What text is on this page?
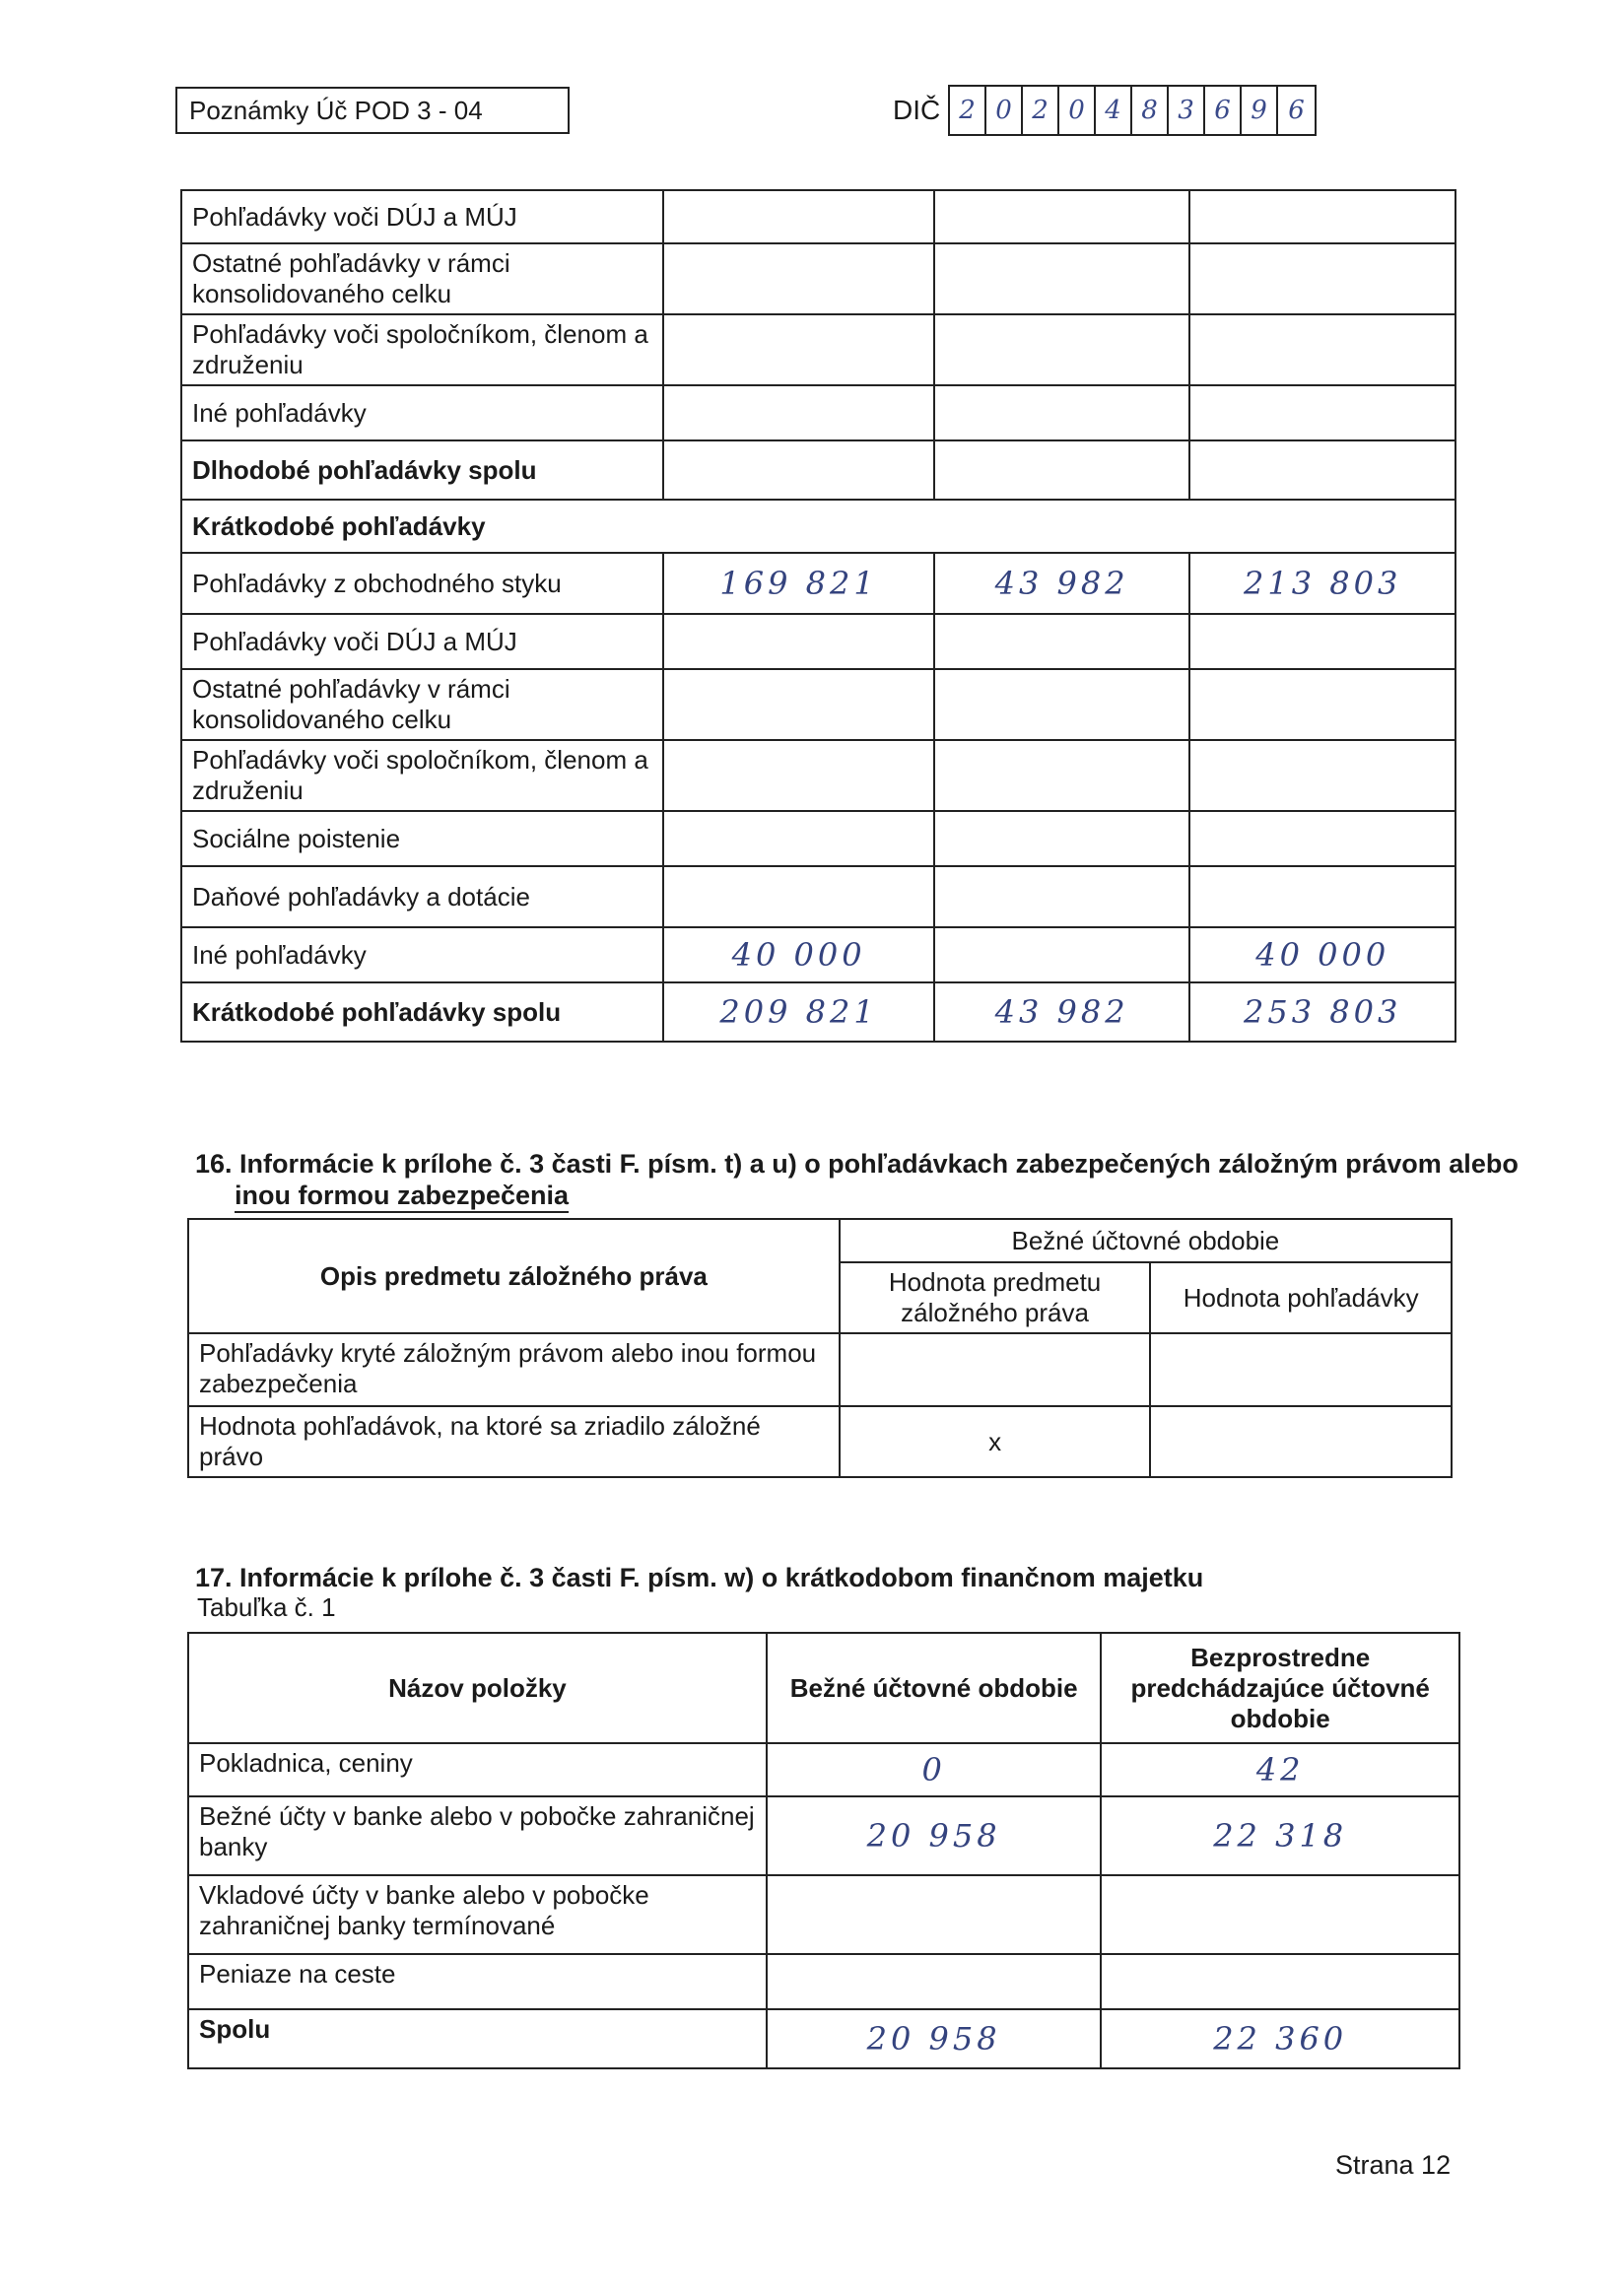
Poznámky Úč POD 3 - 04	DIČ 2 0 2 0 4 8 3 6 9 6
Pohľadávky voči DÚJ a MÚJ			
Ostatné pohľadávky v rámci konsolidovaného celku			
Pohľadávky voči spoločníkom, členom a združeniu			
Iné pohľadávky			
Dlhodobé pohľadávky spolu			
Krátkodobé pohľadávky			
Pohľadávky z obchodného styku	169 821	43 982	213 803
Pohľadávky voči DÚJ a MÚJ			
Ostatné pohľadávky v rámci konsolidovaného celku			
Pohľadávky voči spoločníkom, členom a združeniu			
Sociálne poistenie			
Daňové pohľadávky a dotácie			
Iné pohľadávky	40 000		40 000
Krátkodobé pohľadávky spolu	209 821	43 982	253 803
16. Informácie k prílohe č. 3 časti F. písm. t) a u) o pohľadávkach zabezpečených záložným právom alebo
inou formou zabezpečenia
Opis predmetu záložného práva	Bežné účtovné obdobie	
	Hodnota predmetu záložného práva	Hodnota pohľadávky
Pohľadávky kryté záložným právom alebo inou formou zabezpečenia		
Hodnota pohľadávok, na ktoré sa zriadilo záložné právo	x	
17. Informácie k prílohe č. 3 časti F. písm. w) o krátkodobom finančnom majetku
Tabuľka č. 1
Názov položky	Bežné účtovné obdobie	Bezprostredne predchádzajúce účtovné obdobie
Pokladnica, ceniny	0	42
Bežné účty v banke alebo v pobočke zahraničnej banky	20 958	22 318
Vkladové účty v banke alebo v pobočke zahraničnej banky termínované		
Peniaze na ceste		
Spolu	20 958	22 360
Strana 12
